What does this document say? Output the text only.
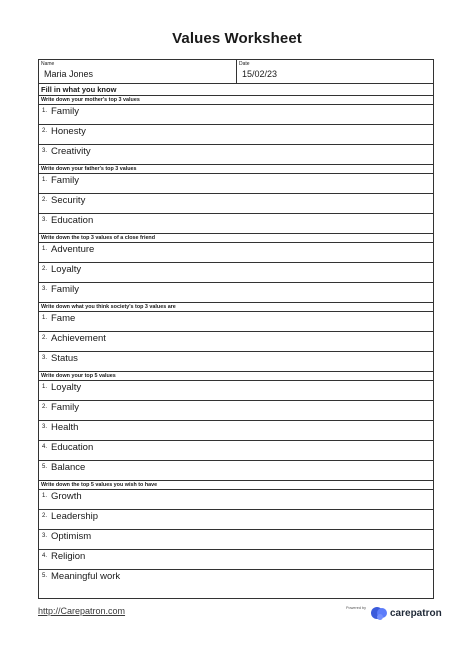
Values Worksheet
Name
Maria Jones
Date
15/02/23
Fill in what you know
Write down your mother's top 3 values
1. Family
2. Honesty
3. Creativity
Write down your father's top 3 values
1. Family
2. Security
3. Education
Write down the top 3 values of a close friend
1. Adventure
2. Loyalty
3. Family
Write down what you think society's top 3 values are
1. Fame
2. Achievement
3. Status
Write down your top 5 values
1. Loyalty
2. Family
3. Health
4. Education
5. Balance
Write down the top 5 values you wish to have
1. Growth
2. Leadership
3. Optimism
4. Religion
5. Meaningful work
http://Carepatron.com	Powered by carepatron
